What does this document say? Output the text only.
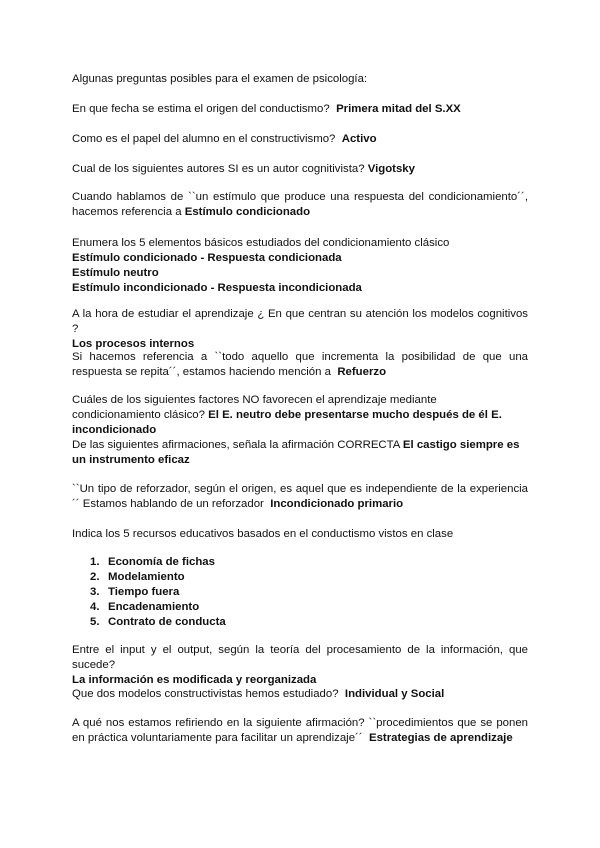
Algunas preguntas posibles para el examen de psicología:

En que fecha se estima el origen del conductismo? Primera mitad del S.XX

Como es el papel del alumno en el constructivismo? Activo

Cual de los siguientes autores SI es un autor cognitivista? Vigotsky

Cuando hablamos de ``un estímulo que produce una respuesta del condicionamiento´´, hacemos referencia a Estímulo condicionado

Enumera los 5 elementos básicos estudiados del condicionamiento clásico
Estímulo condicionado - Respuesta condicionada
Estímulo neutro
Estímulo incondicionado - Respuesta incondicionada

A la hora de estudiar el aprendizaje ¿ En que centran su atención los modelos cognitivos ?
Los procesos internos

Si hacemos referencia a ``todo aquello que incrementa la posibilidad de que una respuesta se repita´´, estamos haciendo mención a Refuerzo

Cuáles de los siguientes factores NO favorecen el aprendizaje mediante condicionamiento clásico? El E. neutro debe presentarse mucho después de él E. incondicionado

De las siguientes afirmaciones, señala la afirmación CORRECTA El castigo siempre es un instrumento eficaz

``Un tipo de reforzador, según el origen, es aquel que es independiente de la experiencia´´ Estamos hablando de un reforzador Incondicionado primario

Indica los 5 recursos educativos basados en el conductismo vistos en clase

1. Economía de fichas
2. Modelamiento
3. Tiempo fuera
4. Encadenamiento
5. Contrato de conducta

Entre el input y el output, según la teoría del procesamiento de la información, que sucede?
La información es modificada y reorganizada

Que dos modelos constructivistas hemos estudiado? Individual y Social

A qué nos estamos refiriendo en la siguiente afirmación? ``procedimientos que se ponen en práctica voluntariamente para facilitar un aprendizaje´´ Estrategias de aprendizaje
